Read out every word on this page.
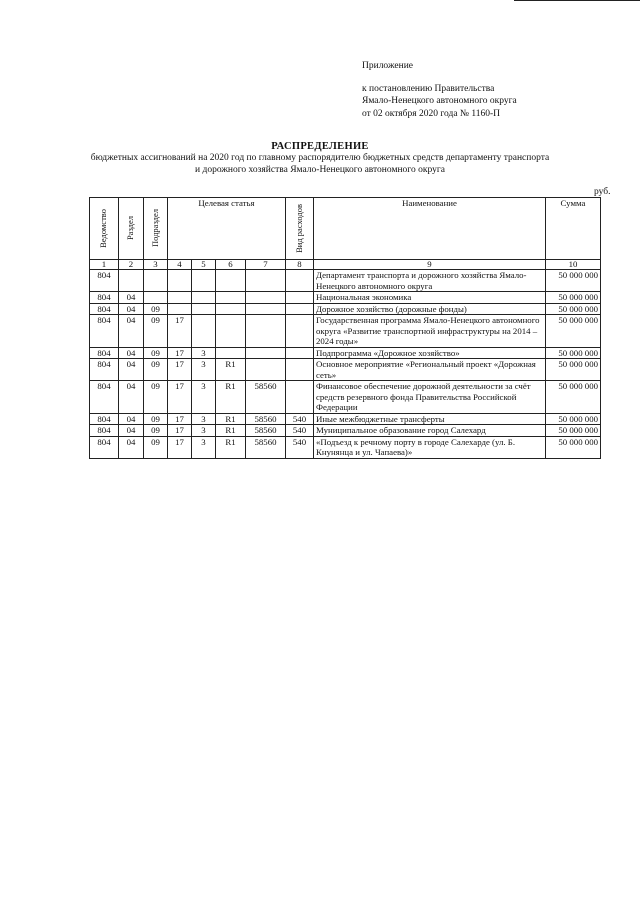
Приложение
к постановлению Правительства
Ямало-Ненецкого автономного округа
от 02 октября 2020 года № 1160-П
РАСПРЕДЕЛЕНИЕ
бюджетных ассигнований на 2020 год по главному распорядителю бюджетных средств департаменту транспорта
и дорожного хозяйства Ямало-Ненецкого автономного округа
руб.
Ведомство	Раздел	Подраздел	Целевая статья				Вид расходов	Наименование	Сумма
1	2	3	4	5	6	7	8	9	10
804								Департамент транспорта и дорожного хозяйства Ямало-Ненецкого автономного округа	50 000 000
804	04							Национальная экономика	50 000 000
804	04	09						Дорожное хозяйство (дорожные фонды)	50 000 000
804	04	09	17					Государственная программа Ямало-Ненецкого автономного округа «Развитие транспортной инфраструктуры на 2014 – 2024 годы»	50 000 000
804	04	09	17	3				Подпрограмма «Дорожное хозяйство»	50 000 000
804	04	09	17	3	R1			Основное мероприятие «Региональный проект «Дорожная сеть»	50 000 000
804	04	09	17	3	R1	58560		Финансовое обеспечение дорожной деятельности за счёт средств резервного фонда Правительства Российской Федерации	50 000 000
804	04	09	17	3	R1	58560	540	Иные межбюджетные трансферты	50 000 000
804	04	09	17	3	R1	58560	540	Муниципальное образование город Салехард	50 000 000
804	04	09	17	3	R1	58560	540	«Подъезд к речному порту в городе Салехарде (ул. Б. Кнунянца и ул. Чапаева)»	50 000 000
